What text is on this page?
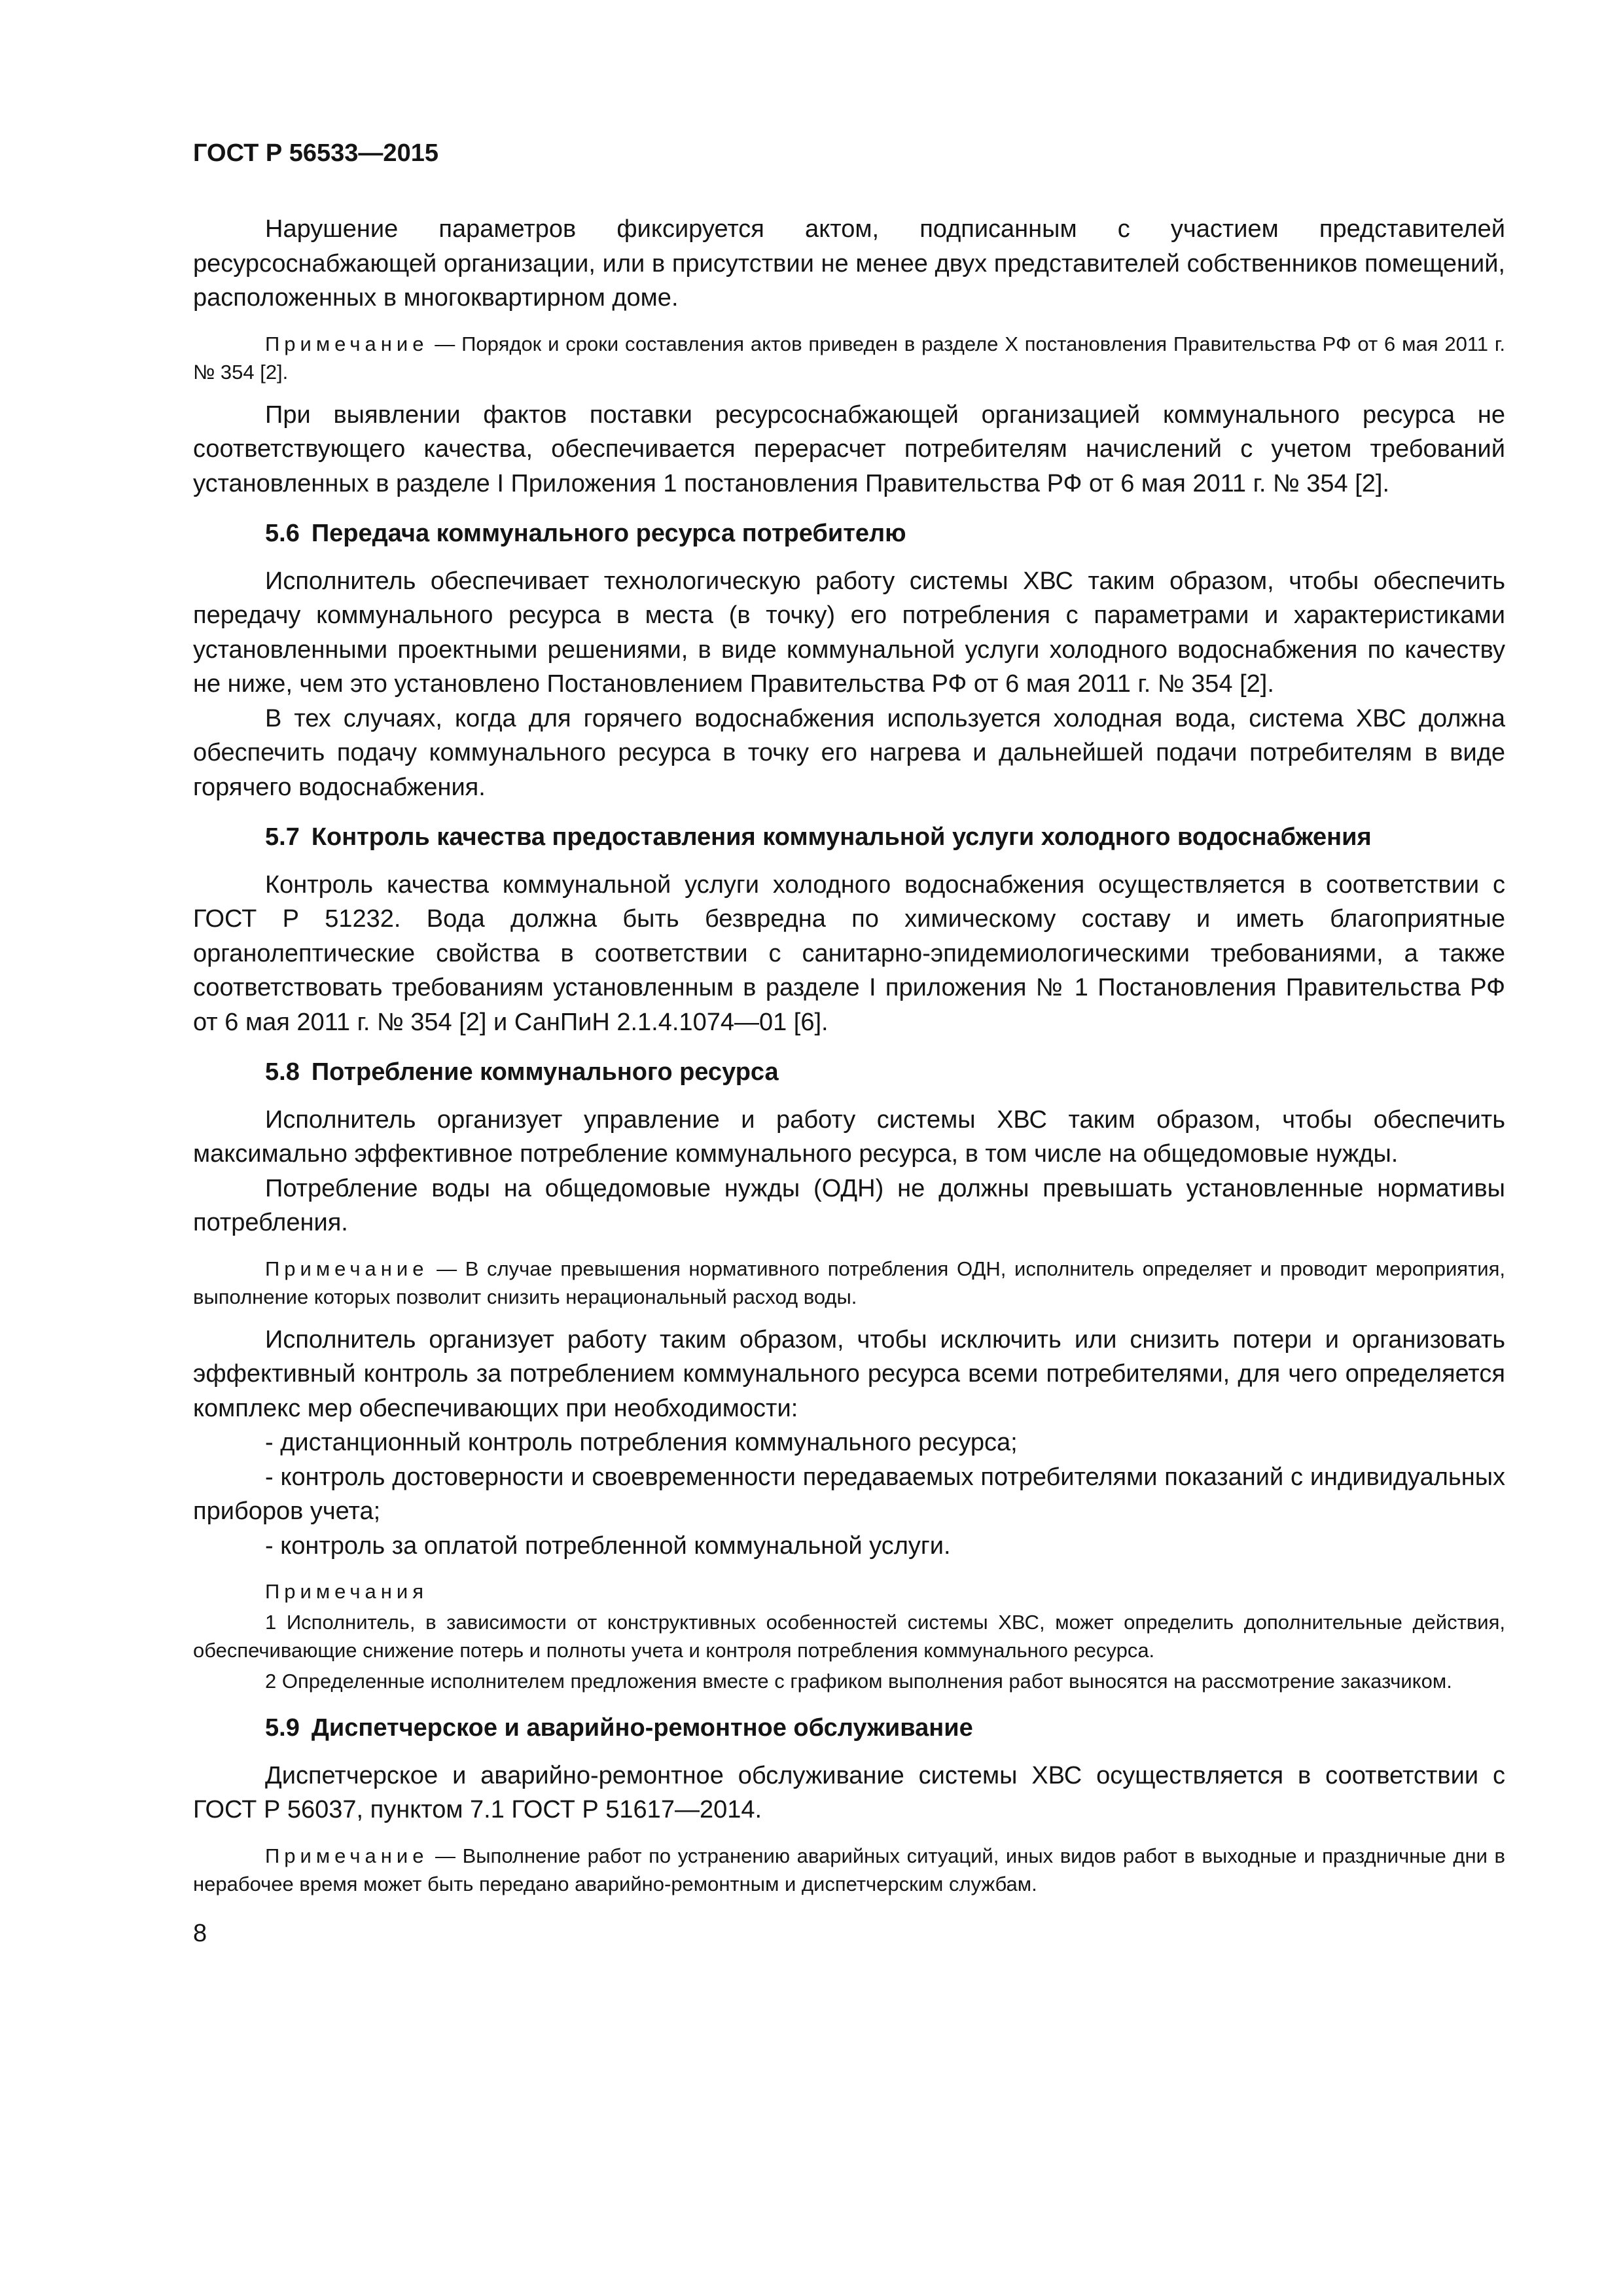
ГОСТ Р 56533—2015

Нарушение параметров фиксируется актом, подписанным с участием представителей ресурсоснабжающей организации, или в присутствии не менее двух представителей собственников помещений, расположенных в многоквартирном доме.

Примечание — Порядок и сроки составления актов приведен в разделе Х постановления Правительства РФ от 6 мая 2011 г. № 354 [2].

При выявлении фактов поставки ресурсоснабжающей организацией коммунального ресурса не соответствующего качества, обеспечивается перерасчет потребителям начислений с учетом требований установленных в разделе I Приложения 1 постановления Правительства РФ от 6 мая 2011 г. № 354 [2].

5.6 Передача коммунального ресурса потребителю

Исполнитель обеспечивает технологическую работу системы ХВС таким образом, чтобы обеспечить передачу коммунального ресурса в места (в точку) его потребления с параметрами и характеристиками установленными проектными решениями, в виде коммунальной услуги холодного водоснабжения по качеству не ниже, чем это установлено Постановлением Правительства РФ от 6 мая 2011 г. № 354 [2].

В тех случаях, когда для горячего водоснабжения используется холодная вода, система ХВС должна обеспечить подачу коммунального ресурса в точку его нагрева и дальнейшей подачи потребителям в виде горячего водоснабжения.

5.7 Контроль качества предоставления коммунальной услуги холодного водоснабжения

Контроль качества коммунальной услуги холодного водоснабжения осуществляется в соответствии с ГОСТ Р 51232. Вода должна быть безвредна по химическому составу и иметь благоприятные органолептические свойства в соответствии с санитарно-эпидемиологическими требованиями, а также соответствовать требованиям установленным в разделе I приложения № 1 Постановления Правительства РФ от 6 мая 2011 г. № 354 [2] и СанПиН 2.1.4.1074—01 [6].

5.8 Потребление коммунального ресурса

Исполнитель организует управление и работу системы ХВС таким образом, чтобы обеспечить максимально эффективное потребление коммунального ресурса, в том числе на общедомовые нужды.

Потребление воды на общедомовые нужды (ОДН) не должны превышать установленные нормативы потребления.

Примечание — В случае превышения нормативного потребления ОДН, исполнитель определяет и проводит мероприятия, выполнение которых позволит снизить нерациональный расход воды.

Исполнитель организует работу таким образом, чтобы исключить или снизить потери и организовать эффективный контроль за потреблением коммунального ресурса всеми потребителями, для чего определяется комплекс мер обеспечивающих при необходимости:

- дистанционный контроль потребления коммунального ресурса;

- контроль достоверности и своевременности передаваемых потребителями показаний с индивидуальных приборов учета;

- контроль за оплатой потребленной коммунальной услуги.

Примечания

1 Исполнитель, в зависимости от конструктивных особенностей системы ХВС, может определить дополнительные действия, обеспечивающие снижение потерь и полноты учета и контроля потребления коммунального ресурса.

2 Определенные исполнителем предложения вместе с графиком выполнения работ выносятся на рассмотрение заказчиком.

5.9 Диспетчерское и аварийно-ремонтное обслуживание

Диспетчерское и аварийно-ремонтное обслуживание системы ХВС осуществляется в соответствии с ГОСТ Р 56037, пунктом 7.1 ГОСТ Р 51617—2014.

Примечание — Выполнение работ по устранению аварийных ситуаций, иных видов работ в выходные и праздничные дни в нерабочее время может быть передано аварийно-ремонтным и диспетчерским службам.

8
